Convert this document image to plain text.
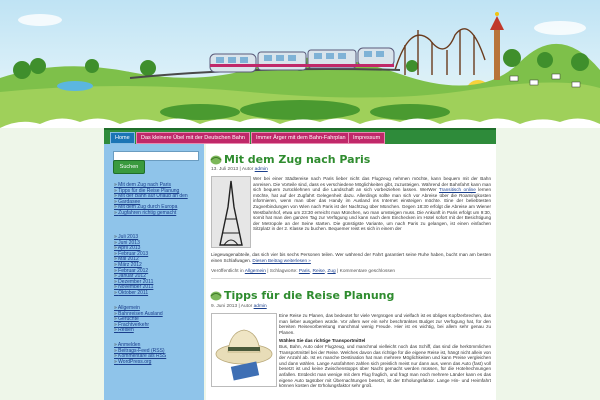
Home	Das kleinere Übel mit der Deutschen Bahn	Immer Ärger mit dem Bahn-Fahrplan	Impressum
Suchen
» Mit dem Zug nach Paris
» Tipps für die Reise Planung
» Mit der Bahn auf Urlaub an den
» Gardasee
» Mit dem Zug durch Europa
» Zugfahren richtig gemacht
» Juli 2013
» Juni 2013
» April 2013
» Februar 2013
» Mai 2012
» März 2012
» Februar 2012
» Januar 2012
» Dezember 2011
» November 2011
» Oktober 2011
» Allgemein
» Bahnreisen Ausland
» Gerüchte
» Frachtverkehr
» Reisen
» Anmelden
» Beitrags-Feed (RSS)
» Kommentare als RSS
» WordPress.org
Mit dem Zug nach Paris
13. Juli 2013 | Autor admin

Wer bei einer Städtereise nach Paris lieber nicht das Flugzeug nehmen möchte, kann bequem mit der Bahn anreisen. Die Vorteile sind, dass es verschiedene Möglichkeiten gibt, zuzusteigen. Während der Bahnfahrt kann man sich bequem zurücklehnen und die Landschaft an sich vorbeiziehen lassen. WerWer Transitisch online lernen möchte, hat auf der Zugfahrt Gelegenheit dazu. Allerdings sollte man sich vor Abreise über die Roamingkosten informieren, wenn man über das Handy im Ausland ins Internet einsteigen möchte. Eine der beliebtesten Zugverbindungen von Wien nach Paris ist der Nachtzug über München. Gegen 18:30 erfolgt die Abreise am Wiener Westbahnhof, etwa um 23:30 erreicht man München, wo man umsteigen muss. Die Ankunft in Paris erfolgt um 9:30, somit hat man den ganzen Tag zur Verfügung und kann nach dem Einchecken im Hotel sofort mit der Besichtigung der Metropole an der Seine starten. Die günstigste Variante, um nach Paris zu gelangen, ist einen einfachen Sitzplatz in der 2. Klasse zu buchen. Bequemer reist es sich in einem der

Liegewagenabteile, das sich vier bis sechs Personen teilen. Wer während der Fahrt garantiert seine Ruhe haben, bucht man am besten einen Schlafwagen. Diesen Beitrag weiterlesen »

Veröffentlicht in Allgemein | Schlagworte: Paris, Reise, Zug | Kommentare geschlossen
Tipps für die Reise Planung
9. Juni 2013 | Autor admin

Eine Reise zu Planen, das bedeutet für viele Vergnügen und vielfach ist es übliges Kopfzerbrechen, das man lieber ausgeben würde. Vor allem wer ein sehr beschränktes Budget zur Verfügung hat, für den bereiten Reisevorbereitung manchmal wenig Freude. Hier ist es wichtig, bei allem sehr genau zu Planen.

Wählen Sie das richtige Transportmittel

Bus, Bahn, Auto oder Flugzeug, und manchmal vielleicht noch das Schiff, das sind die herkömmlichen Transportmittel bei der Reise. Welches davon das richtige für die eigene Reise ist, hängt nicht allein von der Anzahl ab. Ist es manche Destination hat man mehrere Möglichkeiten und kann Preise vergleichen und dann wählen. Lange Autofahrten zahlen sich preislich meist nur dann aus, wenn das Auto (fast) voll besetzt ist und keine Zwischenstopps über Nacht gemacht werden müssen, für die Hotelrechnungen anfallen. Entdeckt man wenige mit dem Flug fraglich, und fragt man noch mehrere Länder kann es das eigene Auto tagsüber mit Übernachtungen besetzt, ist der Erholungsfaktor. Lange Hin- und Heimfahrt können kosten der Erholungsfaktor sehr groß.
